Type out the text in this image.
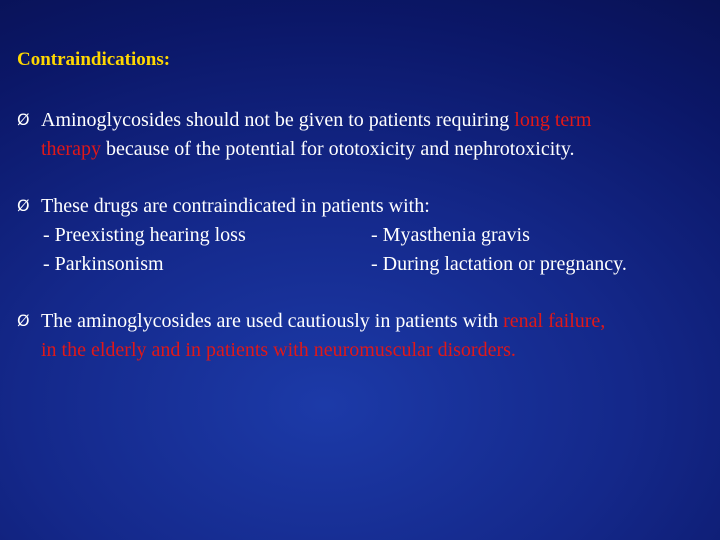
Contraindications:
Ø Aminoglycosides should not be given to patients requiring long term
therapy because of the potential for ototoxicity and nephrotoxicity.
Ø These drugs are contraindicated in patients with:
- Preexisting hearing loss	- Myasthenia gravis
- Parkinsonism	- During lactation or pregnancy.
Ø The aminoglycosides are used cautiously in patients with renal failure,
in the elderly and in patients with neuromuscular disorders.
